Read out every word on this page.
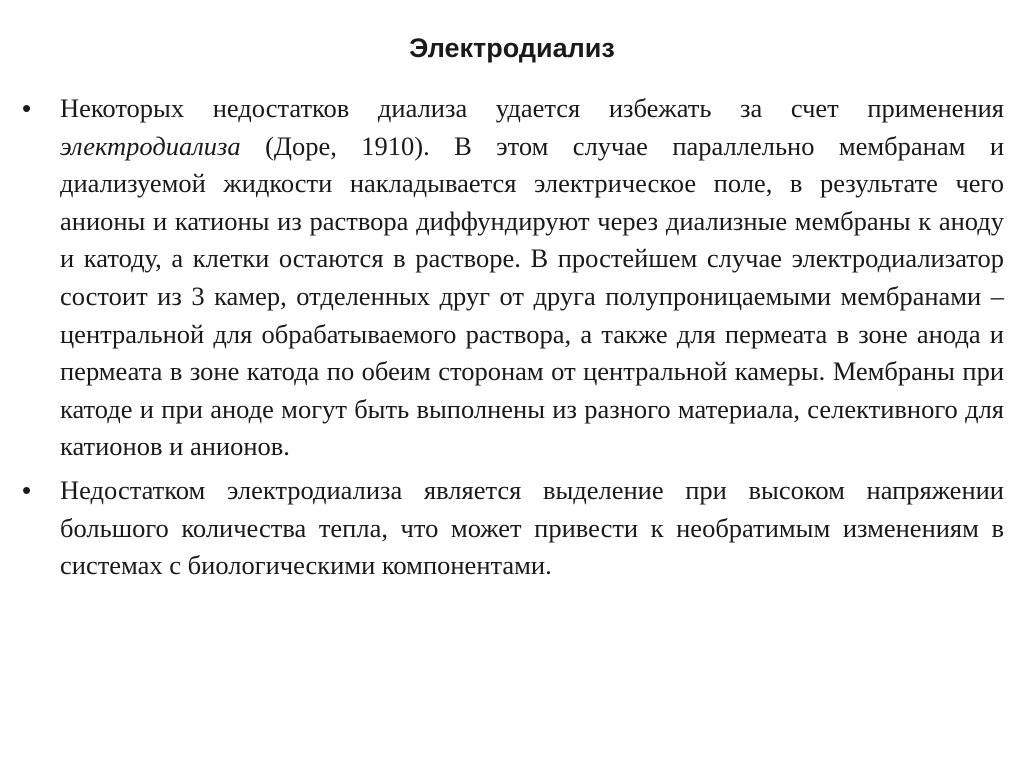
Электродиализ
• Некоторых недостатков диализа удается избежать за счет применения электродиализа (Доре, 1910). В этом случае параллельно мембранам и диализуемой жидкости накладывается электрическое поле, в результате чего анионы и катионы из раствора диффундируют через диализные мембраны к аноду и катоду, а клетки остаются в растворе. В простейшем случае электродиализатор состоит из 3 камер, отделенных друг от друга полупроницаемыми мембранами – центральной для обрабатываемого раствора, а также для пермеата в зоне анода и пермеата в зоне катода по обеим сторонам от центральной камеры. Мембраны при катоде и при аноде могут быть выполнены из разного материала, селективного для катионов и анионов.
• Недостатком электродиализа является выделение при высоком напряжении большого количества тепла, что может привести к необратимым изменениям в системах с биологическими компонентами.
